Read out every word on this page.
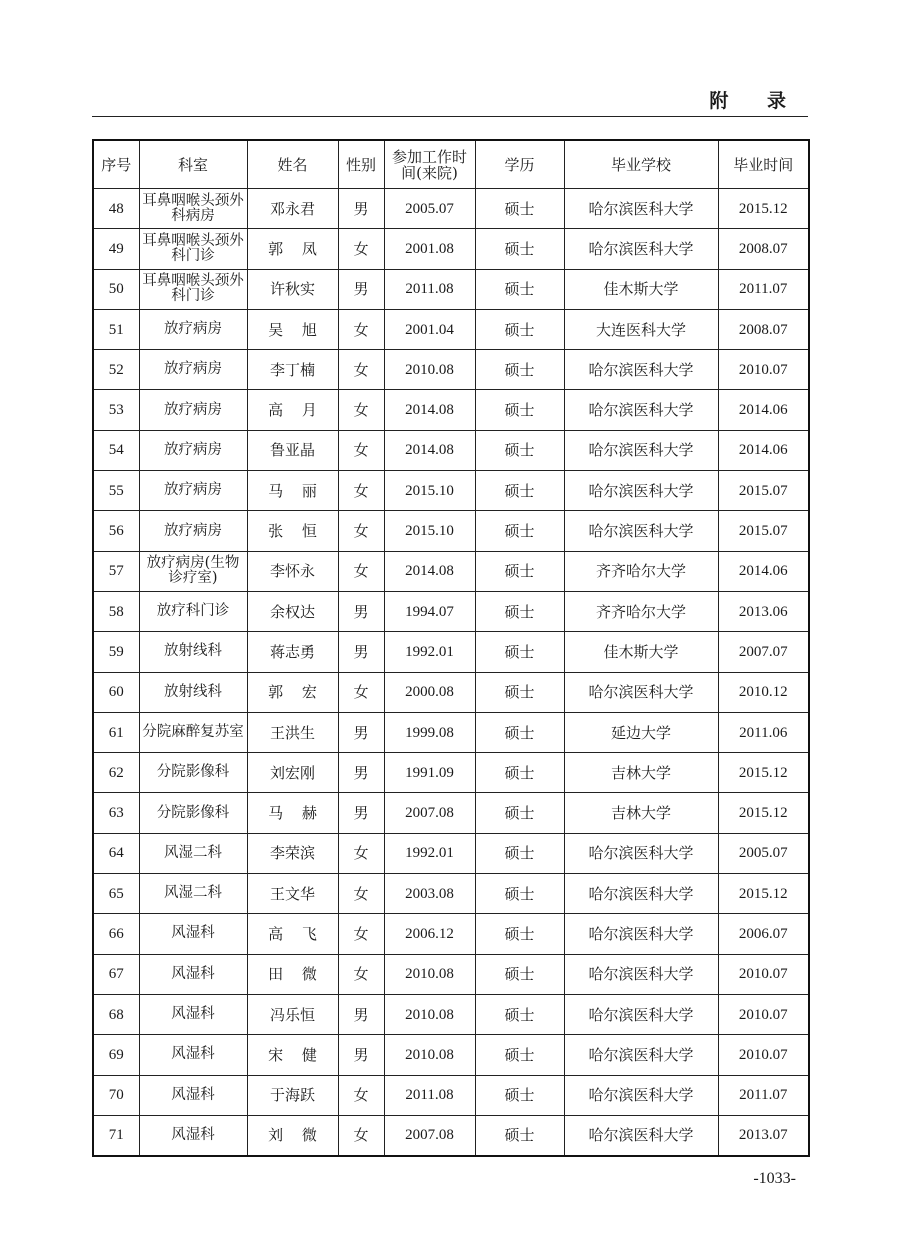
附 录
序号	科室	姓名	性别	参加工作时间(来院)	学历	毕业学校	毕业时间
48	耳鼻咽喉头颈外科病房	邓永君	男	2005.07	硕士	哈尔滨医科大学	2015.12
49	耳鼻咽喉头颈外科门诊	郭 凤	女	2001.08	硕士	哈尔滨医科大学	2008.07
50	耳鼻咽喉头颈外科门诊	许秋实	男	2011.08	硕士	佳木斯大学	2011.07
51	放疗病房	吴 旭	女	2001.04	硕士	大连医科大学	2008.07
52	放疗病房	李丁楠	女	2010.08	硕士	哈尔滨医科大学	2010.07
53	放疗病房	高 月	女	2014.08	硕士	哈尔滨医科大学	2014.06
54	放疗病房	鲁亚晶	女	2014.08	硕士	哈尔滨医科大学	2014.06
55	放疗病房	马 丽	女	2015.10	硕士	哈尔滨医科大学	2015.07
56	放疗病房	张 恒	女	2015.10	硕士	哈尔滨医科大学	2015.07
57	放疗病房(生物诊疗室)	李怀永	女	2014.08	硕士	齐齐哈尔大学	2014.06
58	放疗科门诊	余权达	男	1994.07	硕士	齐齐哈尔大学	2013.06
59	放射线科	蒋志勇	男	1992.01	硕士	佳木斯大学	2007.07
60	放射线科	郭 宏	女	2000.08	硕士	哈尔滨医科大学	2010.12
61	分院麻醉复苏室	王洪生	男	1999.08	硕士	延边大学	2011.06
62	分院影像科	刘宏刚	男	1991.09	硕士	吉林大学	2015.12
63	分院影像科	马 赫	男	2007.08	硕士	吉林大学	2015.12
64	风湿二科	李荣滨	女	1992.01	硕士	哈尔滨医科大学	2005.07
65	风湿二科	王文华	女	2003.08	硕士	哈尔滨医科大学	2015.12
66	风湿科	高 飞	女	2006.12	硕士	哈尔滨医科大学	2006.07
67	风湿科	田 微	女	2010.08	硕士	哈尔滨医科大学	2010.07
68	风湿科	冯乐恒	男	2010.08	硕士	哈尔滨医科大学	2010.07
69	风湿科	宋 健	男	2010.08	硕士	哈尔滨医科大学	2010.07
70	风湿科	于海跃	女	2011.08	硕士	哈尔滨医科大学	2011.07
71	风湿科	刘 微	女	2007.08	硕士	哈尔滨医科大学	2013.07
-1033-
